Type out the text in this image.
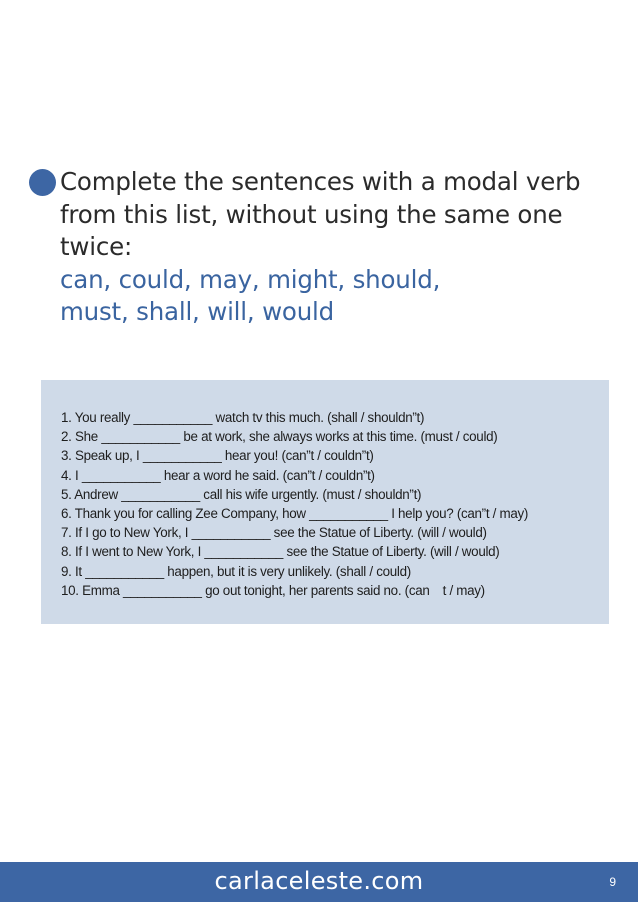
Complete the sentences with a modal verb
from this list, without using the same one
twice:
can, could, may, might, should,
must, shall, will, would
1. You really ___________ watch tv this much. (shall / shouldn”t)
2. She ___________ be at work, she always works at this time. (must / could)
3. Speak up, I ___________ hear you! (can”t / couldn”t)
4. I ___________ hear a word he said. (can”t / couldn”t)
5. Andrew ___________ call his wife urgently. (must / shouldn”t)
6. Thank you for calling Zee Company, how ___________ I help you? (can”t / may)
7. If I go to New York, I ___________ see the Statue of Liberty. (will / would)
8. If I went to New York, I ___________ see the Statue of Liberty. (will / would)
9. It ___________ happen, but it is very unlikely. (shall / could)
10. Emma ___________ go out tonight, her parents said no. (can t / may)
carlaceleste.com	9
